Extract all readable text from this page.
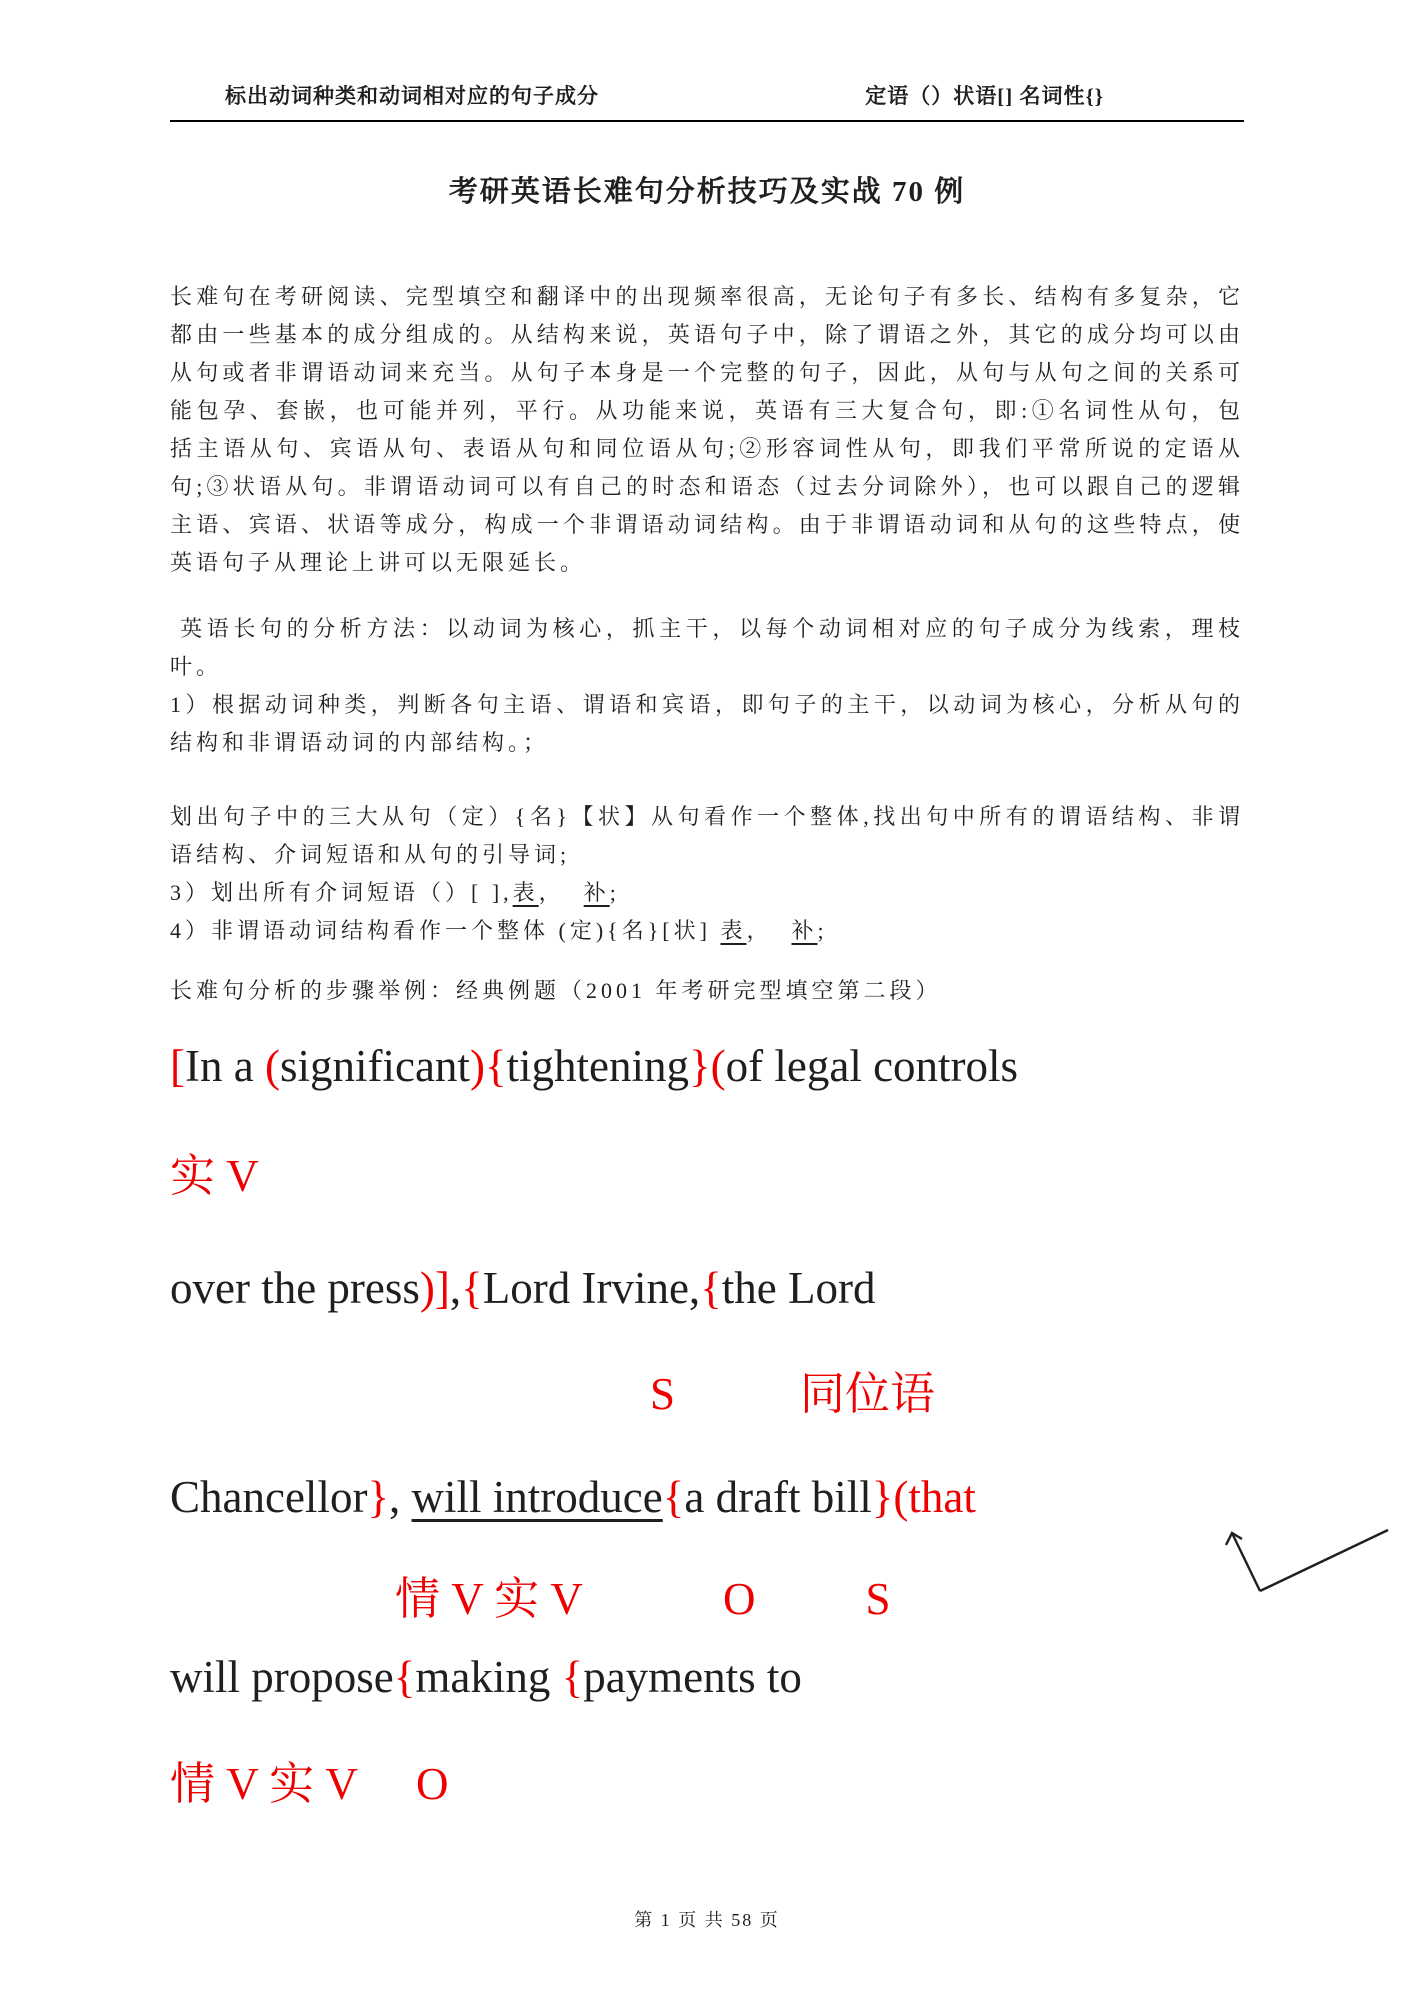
标出动词种类和动词相对应的句子成分	定语（）状语[] 名词性{}
考研英语长难句分析技巧及实战 70 例

长难句在考研阅读、完型填空和翻译中的出现频率很高，无论句子有多长、结构有多复杂，它都由一些基本的成分组成的。从结构来说，英语句子中，除了谓语之外，其它的成分均可以由从句或者非谓语动词来充当。从句子本身是一个完整的句子，因此，从句与从句之间的关系可能包孕、套嵌，也可能并列，平行。从功能来说，英语有三大复合句，即:①名词性从句，包括主语从句、宾语从句、表语从句和同位语从句;②形容词性从句，即我们平常所说的定语从句;③状语从句。非谓语动词可以有自己的时态和语态（过去分词除外），也可以跟自己的逻辑主语、宾语、状语等成分，构成一个非谓语动词结构。由于非谓语动词和从句的这些特点，使英语句子从理论上讲可以无限延长。

英语长句的分析方法：以动词为核心，抓主干，以每个动词相对应的句子成分为线索，理枝叶。

1）根据动词种类，判断各句主语、谓语和宾语，即句子的主干，以动词为核心，分析从句的结构和非谓语动词的内部结构。；

划出句子中的三大从句（定）{名}【状】从句看作一个整体,找出句中所有的谓语结构、非谓语结构、介词短语和从句的引导词;

3）划出所有介词短语（）[ ],表，  补;

4）非谓语动词结构看作一个整体 (定){名}[状] 表，  补;

长难句分析的步骤举例：经典例题（2001 年考研完型填空第二段）

[In a (significant){tightening}(of legal controls

实 V

over the press)],{Lord Irvine,{the Lord

S	同位语

Chancellor}, will introduce{a draft bill}(that

情 V 实 V	O S

will propose{making {payments to

情 V 实 V O

第 1 页 共 58 页
